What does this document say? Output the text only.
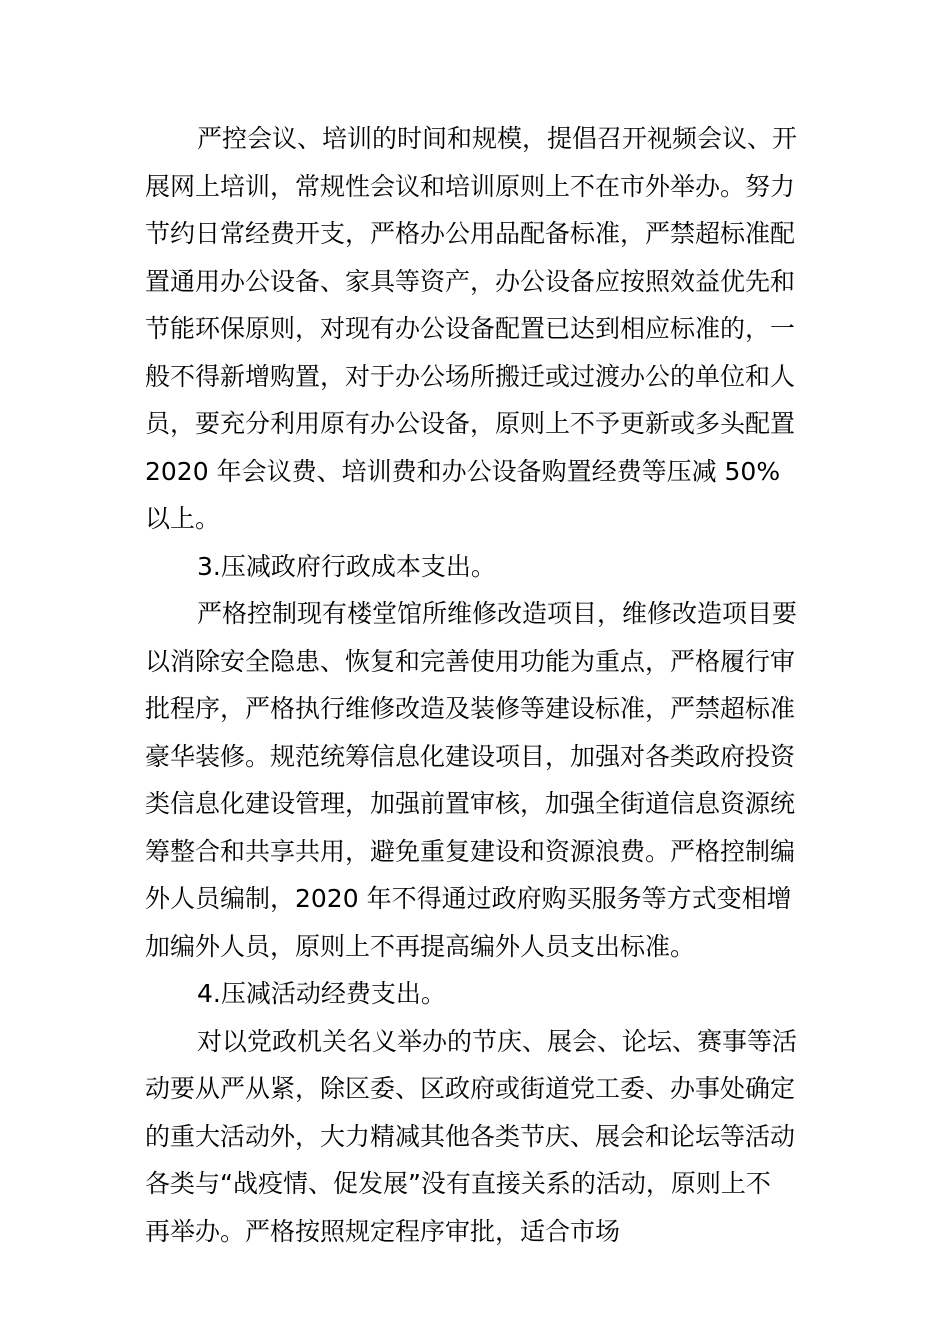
严控会议、培训的时间和规模，提倡召开视频会议、开
展网上培训，常规性会议和培训原则上不在市外举办。努力
节约日常经费开支，严格办公用品配备标准，严禁超标准配
置通用办公设备、家具等资产，办公设备应按照效益优先和
节能环保原则，对现有办公设备配置已达到相应标准的，一
般不得新增购置，对于办公场所搬迁或过渡办公的单位和人
员，要充分利用原有办公设备，原则上不予更新或多头配置
2020 年会议费、培训费和办公设备购置经费等压减 50%
以上。
3.压减政府行政成本支出。
严格控制现有楼堂馆所维修改造项目，维修改造项目要
以消除安全隐患、恢复和完善使用功能为重点，严格履行审
批程序，严格执行维修改造及装修等建设标准，严禁超标准
豪华装修。规范统筹信息化建设项目，加强对各类政府投资
类信息化建设管理，加强前置审核，加强全街道信息资源统
筹整合和共享共用，避免重复建设和资源浪费。严格控制编
外人员编制，2020 年不得通过政府购买服务等方式变相增
加编外人员，原则上不再提高编外人员支出标准。
4.压减活动经费支出。
对以党政机关名义举办的节庆、展会、论坛、赛事等活
动要从严从紧，除区委、区政府或街道党工委、办事处确定
的重大活动外，大力精减其他各类节庆、展会和论坛等活动
各类与“战疫情、促发展”没有直接关系的活动，原则上不
再举办。严格按照规定程序审批，适合市场
